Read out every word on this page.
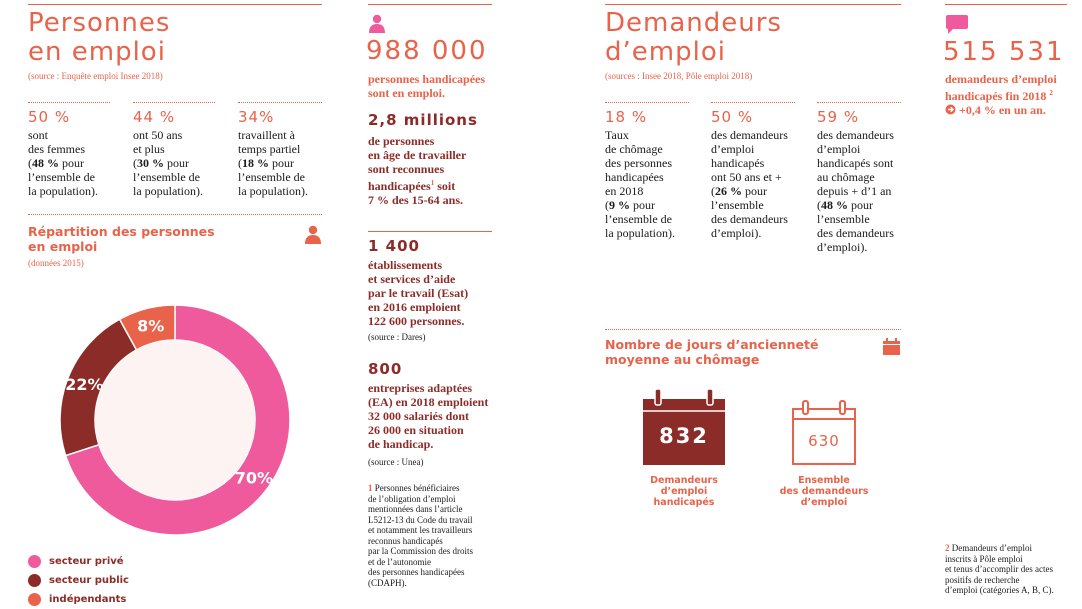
Personnes
en emploi
(source : Enquête emploi Insee 2018)
50 %
sont
des femmes
(48 % pour
l’ensemble de
la population).
44 %
ont 50 ans
et plus
(30 % pour
l’ensemble de
la population).
34%
travaillent à
temps partiel
(18 % pour
l’ensemble de
la population).
Répartition des personnes
en emploi
(données 2015)
70%
22%
8%
secteur privé
secteur public
indépendants
988 000
personnes handicapées
sont en emploi.
2,8 millions
de personnes
en âge de travailler
sont reconnues
handicapées$^1$ soit
7 % des 15-64 ans.
1 400
établissements
et services d’aide
par le travail (Esat)
en 2016 emploient
122 600 personnes.
(source : Dares)
800
entreprises adaptées
(EA) en 2018 emploient
32 000 salariés dont
26 000 en situation
de handicap.
(source : Unea)
1 Personnes bénéficiaires
de l’obligation d’emploi
mentionnées dans l’article
L5212-13 du Code du travail
et notamment les travailleurs
reconnus handicapés
par la Commission des droits
et de l’autonomie
des personnes handicapées
(CDAPH).
Demandeurs
d’emploi
(sources : Insee 2018, Pôle emploi 2018)
18 %
Taux
de chômage
des personnes
handicapées
en 2018
(9 % pour
l’ensemble de
la population).
50 %
des demandeurs
d’emploi
handicapés
ont 50 ans et +
(26 % pour
l’ensemble
des demandeurs
d’emploi).
59 %
des demandeurs
d’emploi
handicapés sont
au chômage
depuis + d’1 an
(48 % pour
l’ensemble
des demandeurs
d’emploi).
Nombre de jours d’ancienneté
moyenne au chômage
832
Demandeurs
d’emploi
handicapés
630
Ensemble
des demandeurs
d’emploi
515 531
demandeurs d’emploi
handicapés fin 2018 $^2$
+0,4 % en un an.
2 Demandeurs d’emploi
inscrits à Pôle emploi
et tenus d’accomplir des actes
positifs de recherche
d’emploi (catégories A, B, C).
